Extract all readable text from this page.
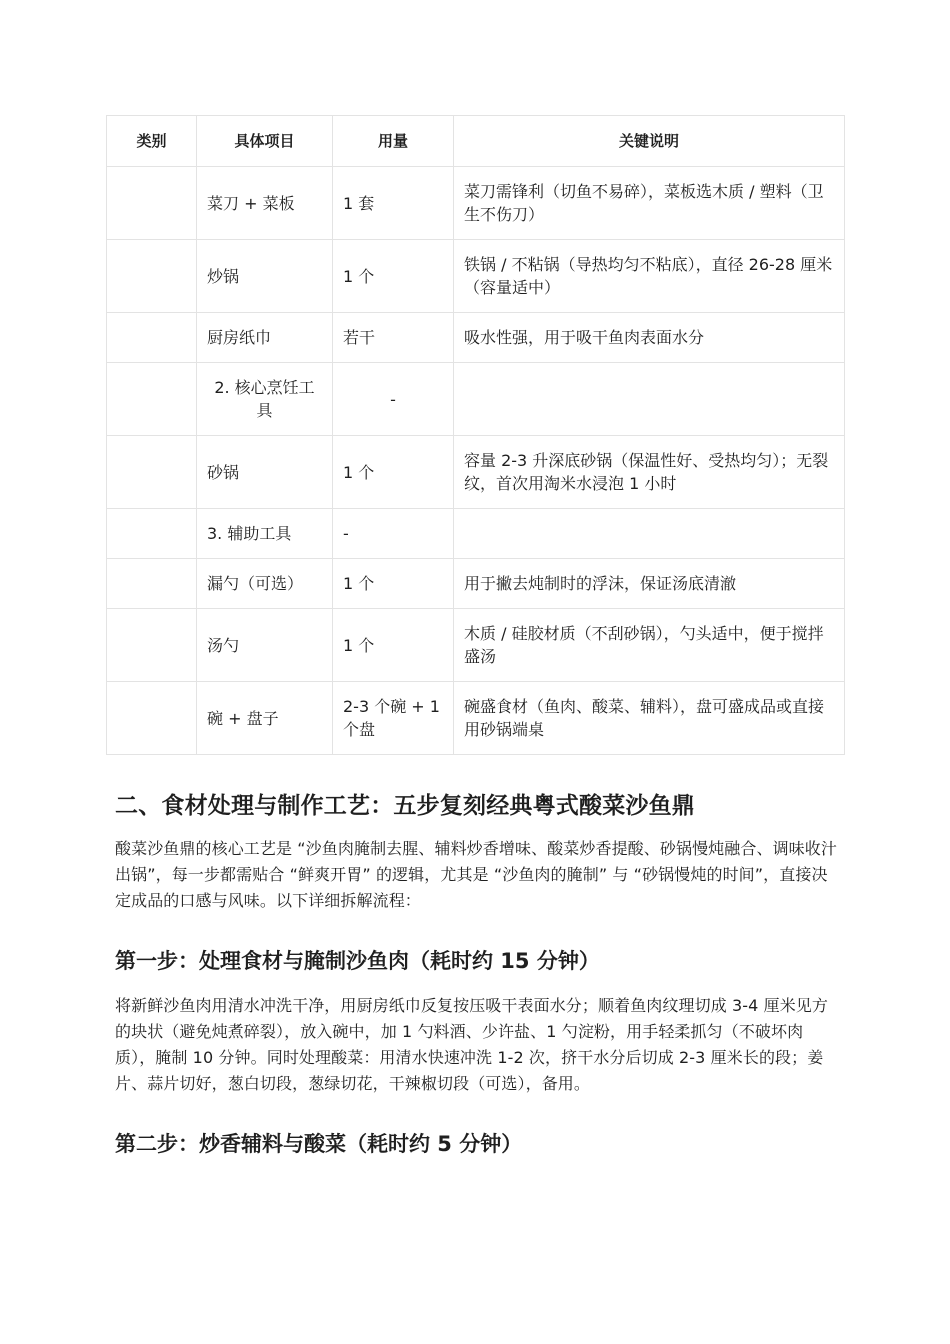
类别	具体项目	用量	关键说明
	菜刀 + 菜板	1 套	菜刀需锋利（切鱼不易碎），菜板选木质 / 塑料（卫生不伤刀）
	炒锅	1 个	铁锅 / 不粘锅（导热均匀不粘底），直径 26-28 厘米（容量适中）
	厨房纸巾	若干	吸水性强，用于吸干鱼肉表面水分
	2. 核心烹饪工具	-	
	砂锅	1 个	容量 2-3 升深底砂锅（保温性好、受热均匀）；无裂纹，首次用淘米水浸泡 1 小时
	3. 辅助工具	-	
	漏勺（可选）	1 个	用于撇去炖制时的浮沫，保证汤底清澈
	汤勺	1 个	木质 / 硅胶材质（不刮砂锅），勺头适中，便于搅拌盛汤
	碗 + 盘子	2-3 个碗 + 1 个盘	碗盛食材（鱼肉、酸菜、辅料），盘可盛成品或直接用砂锅端桌
二、食材处理与制作工艺：五步复刻经典粤式酸菜沙鱼鼎

酸菜沙鱼鼎的核心工艺是 “沙鱼肉腌制去腥、辅料炒香增味、酸菜炒香提酸、砂锅慢炖融合、调味收汁出锅”，每一步都需贴合 “鲜爽开胃” 的逻辑，尤其是 “沙鱼肉的腌制” 与 “砂锅慢炖的时间”，直接决定成品的口感与风味。以下详细拆解流程：

第一步：处理食材与腌制沙鱼肉（耗时约 15 分钟）

将新鲜沙鱼肉用清水冲洗干净，用厨房纸巾反复按压吸干表面水分；顺着鱼肉纹理切成 3-4 厘米见方的块状（避免炖煮碎裂），放入碗中，加 1 勺料酒、少许盐、1 勺淀粉，用手轻柔抓匀（不破坏肉质），腌制 10 分钟。同时处理酸菜：用清水快速冲洗 1-2 次，挤干水分后切成 2-3 厘米长的段；姜片、蒜片切好，葱白切段，葱绿切花，干辣椒切段（可选），备用。

第二步：炒香辅料与酸菜（耗时约 5 分钟）
